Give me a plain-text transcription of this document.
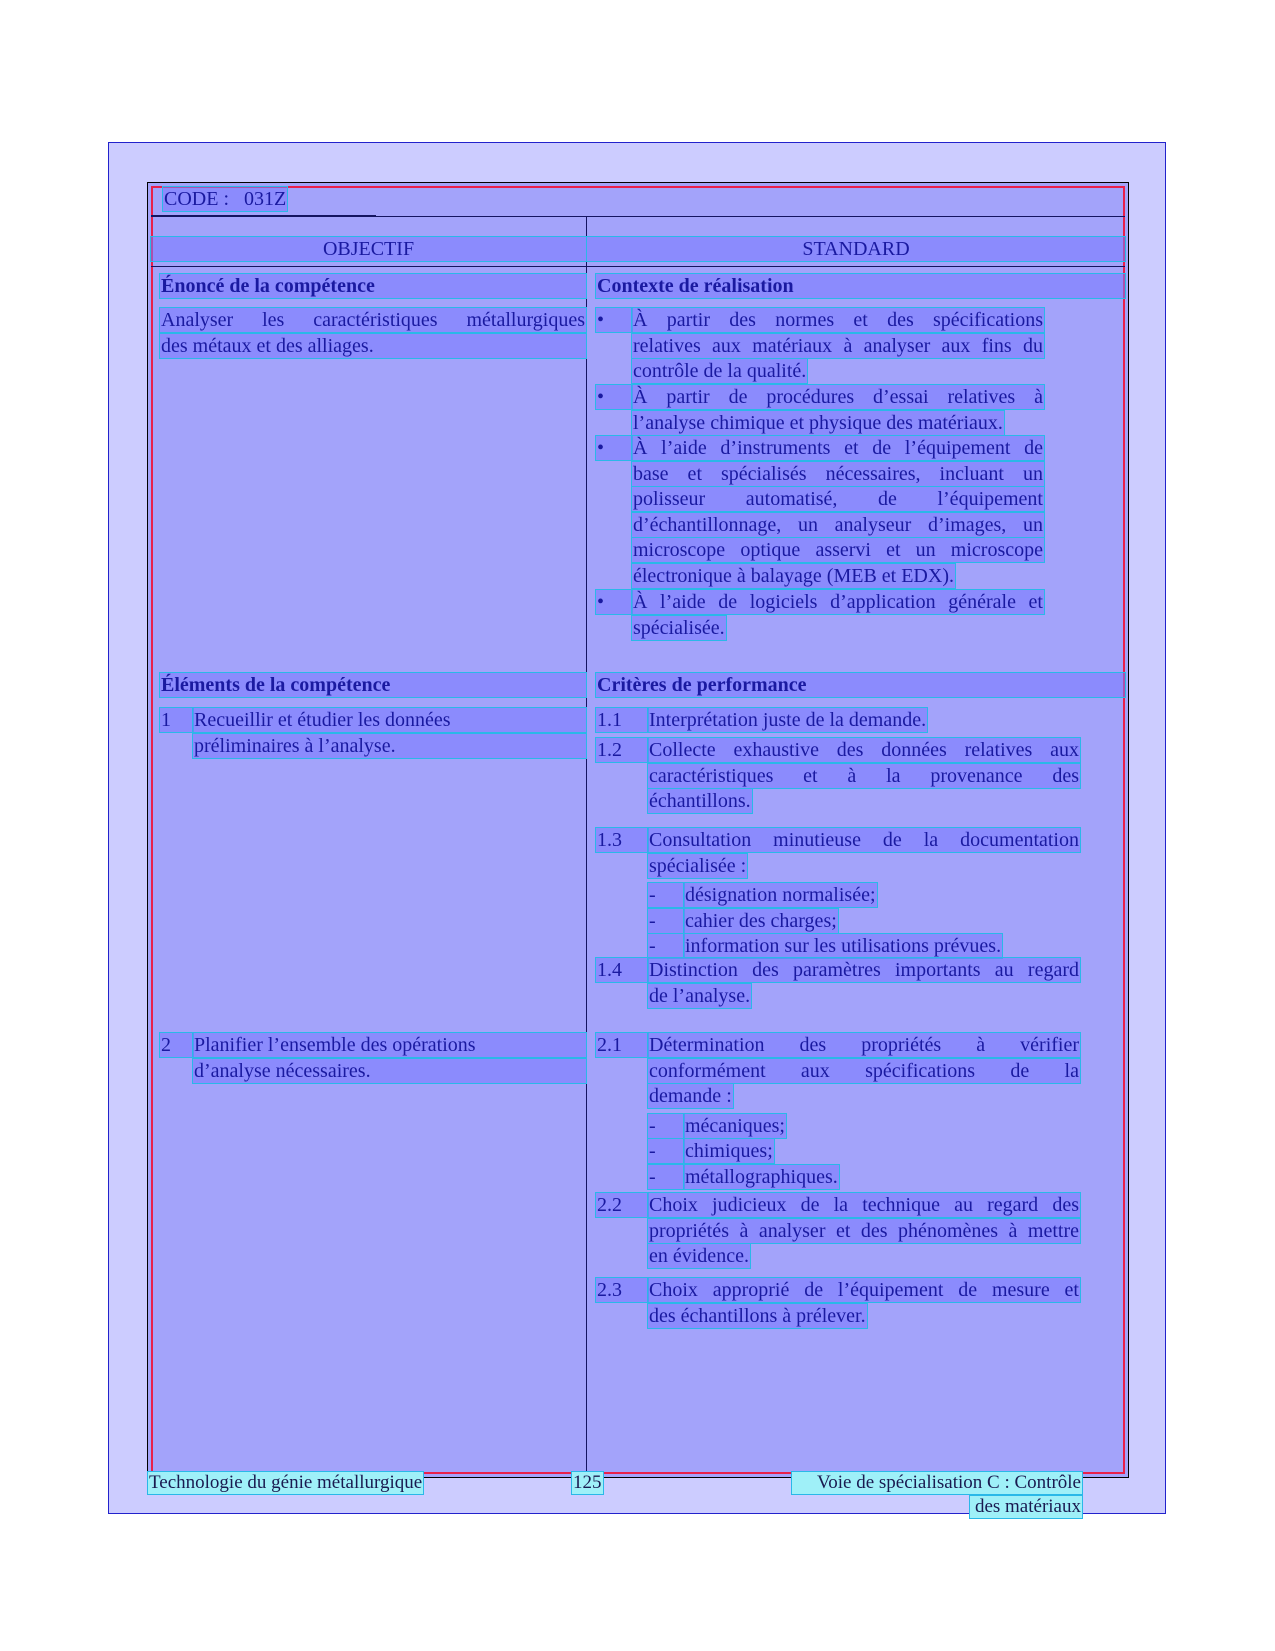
CODE : 031Z
OBJECTIF	STANDARD
Énoncé de la compétence
Analyser les caractéristiques métallurgiques
des métaux et des alliages.
Éléments de la compétence
1	Recueillir et étudier les données
préliminaires à l’analyse.
2	Planifier l’ensemble des opérations
d’analyse nécessaires.
Contexte de réalisation
•	À partir des normes et des spécifications
relatives aux matériaux à analyser aux fins du
contrôle de la qualité.
•	À partir de procédures d’essai relatives à
l’analyse chimique et physique des matériaux.
•	À l’aide d’instruments et de l’équipement de
base et spécialisés nécessaires, incluant un
polisseur automatisé, de l’équipement
d’échantillonnage, un analyseur d’images, un
microscope optique asservi et un microscope
électronique à balayage (MEB et EDX).
•	À l’aide de logiciels d’application générale et
spécialisée.
Critères de performance
1.1	Interprétation juste de la demande.
1.2	Collecte exhaustive des données relatives aux
caractéristiques et à la provenance des
échantillons.
1.3	Consultation minutieuse de la documentation
spécialisée :
-	désignation normalisée;
-	cahier des charges;
-	information sur les utilisations prévues.
1.4	Distinction des paramètres importants au regard
de l’analyse.
2.1	Détermination des propriétés à vérifier
conformément aux spécifications de la
demande :
-	mécaniques;
-	chimiques;
-	métallographiques.
2.2	Choix judicieux de la technique au regard des
propriétés à analyser et des phénomènes à mettre
en évidence.
2.3	Choix approprié de l’équipement de mesure et
des échantillons à prélever.
Technologie du génie métallurgique	125	Voie de spécialisation C : Contrôle
des matériaux
